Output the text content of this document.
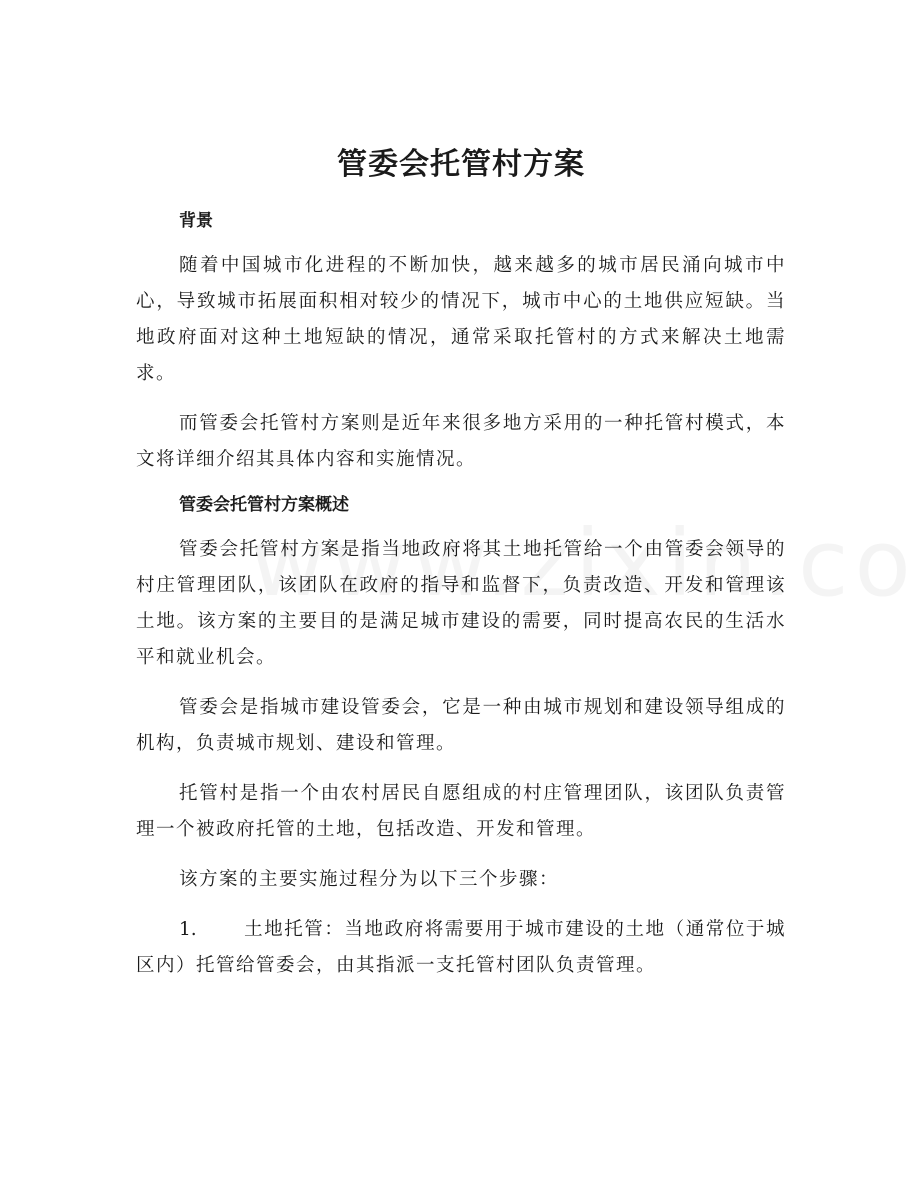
管委会托管村方案
背景

随着中国城市化进程的不断加快，越来越多的城市居民涌向城市中心，导致城市拓展面积相对较少的情况下，城市中心的土地供应短缺。当地政府面对这种土地短缺的情况，通常采取托管村的方式来解决土地需求。

而管委会托管村方案则是近年来很多地方采用的一种托管村模式，本文将详细介绍其具体内容和实施情况。

管委会托管村方案概述

管委会托管村方案是指当地政府将其土地托管给一个由管委会领导的村庄管理团队，该团队在政府的指导和监督下，负责改造、开发和管理该土地。该方案的主要目的是满足城市建设的需要，同时提高农民的生活水平和就业机会。

管委会是指城市建设管委会，它是一种由城市规划和建设领导组成的机构，负责城市规划、建设和管理。

托管村是指一个由农村居民自愿组成的村庄管理团队，该团队负责管理一个被政府托管的土地，包括改造、开发和管理。

该方案的主要实施过程分为以下三个步骤：

1.	土地托管：当地政府将需要用于城市建设的土地（通常位于城区内）托管给管委会，由其指派一支托管村团队负责管理。
